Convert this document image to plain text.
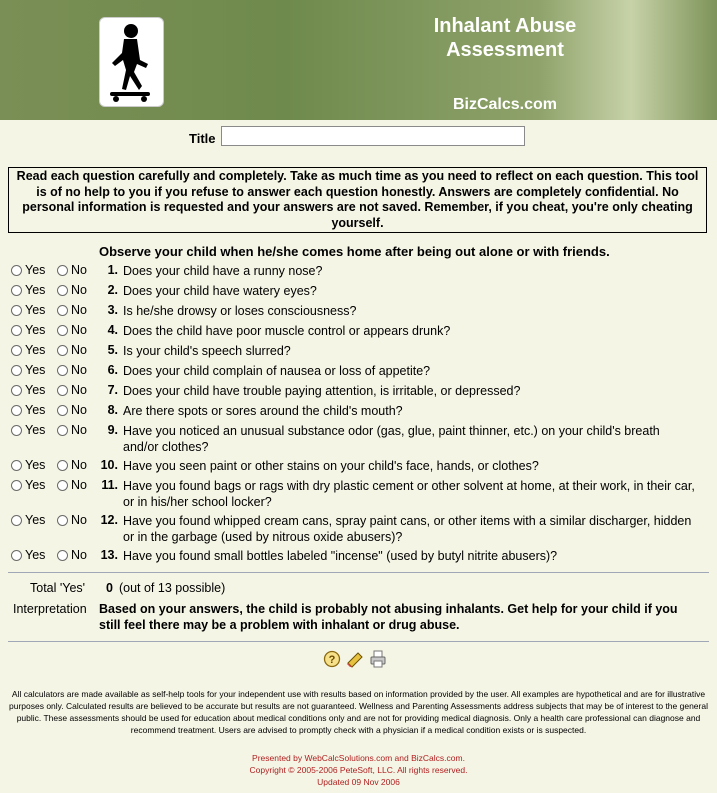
Inhalant Abuse
Assessment
BizCalcs.com
Title
Read each question carefully and completely. Take as much time as you need to reflect on each question. This tool is of no help to you if you refuse to answer each question honestly. Answers are completely confidential. No personal information is requested and your answers are not saved. Remember, if you cheat, you're only cheating yourself.
Observe your child when he/she comes home after being out alone or with friends.
Yes No	1. Does your child have a runny nose?
Yes No	2. Does your child have watery eyes?
Yes No	3. Is he/she drowsy or loses consciousness?
Yes No	4. Does the child have poor muscle control or appears drunk?
Yes No	5. Is your child's speech slurred?
Yes No	6. Does your child complain of nausea or loss of appetite?
Yes No	7. Does your child have trouble paying attention, is irritable, or depressed?
Yes No	8. Are there spots or sores around the child's mouth?
Yes No	9. Have you noticed an unusual substance odor (gas, glue, paint thinner, etc.) on your child's breath and/or clothes?
Yes No	10. Have you seen paint or other stains on your child's face, hands, or clothes?
Yes No	11. Have you found bags or rags with dry plastic cement or other solvent at home, at their work, in their car, or in his/her school locker?
Yes No	12. Have you found whipped cream cans, spray paint cans, or other items with a similar discharger, hidden or in the garbage (used by nitrous oxide abusers)?
Yes No	13. Have you found small bottles labeled "incense" (used by butyl nitrite abusers)?
Total 'Yes' 0 (out of 13 possible)
Interpretation Based on your answers, the child is probably not abusing inhalants. Get help for your child if you still feel there may be a problem with inhalant or drug abuse.
?
All calculators are made available as self-help tools for your independent use with results based on information provided by the user. All examples are hypothetical and are for illustrative purposes only. Calculated results are believed to be accurate but results are not guaranteed. Wellness and Parenting Assessments address subjects that may be of interest to the general public. These assessments should be used for education about medical conditions only and are not for providing medical diagnosis. Only a health care professional can diagnose and recommend treatment. Users are advised to promptly check with a physician if a medical condition exists or is suspected.
Presented by WebCalcSolutions.com and BizCalcs.com.
Copyright © 2005-2006 PeteSoft, LLC. All rights reserved.
Updated 09 Nov 2006
